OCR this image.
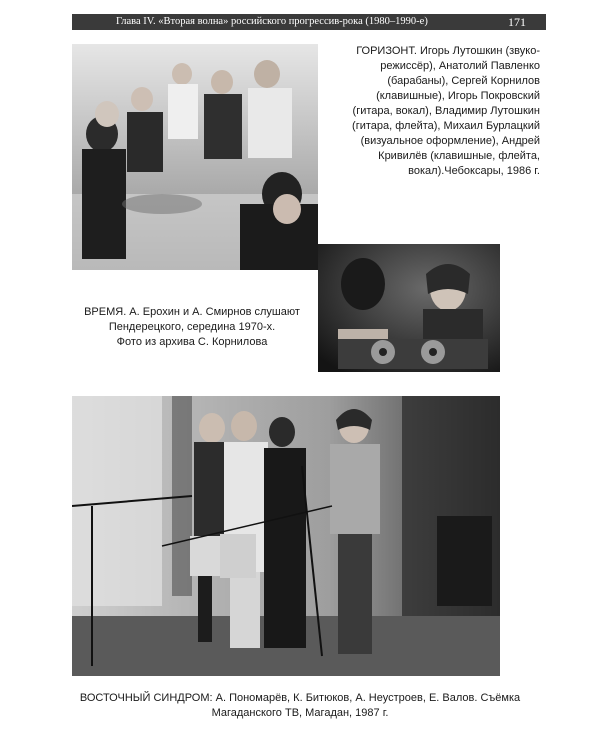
Глава IV. «Вторая волна» российского прогрессив-рока (1980–1990-е)	171
ГОРИЗОНТ. Игорь Лутошкин (звуко-
режиссёр), Анатолий Павленко
(барабаны), Сергей Корнилов
(клавишные), Игорь Покровский
(гитара, вокал), Владимир Лутошкин
(гитара, флейта), Михаил Бурлацкий
(визуальное оформление), Андрей
Кривилёв (клавишные, флейта,
вокал).Чебоксары, 1986 г.
ВРЕМЯ. А. Ерохин и А. Смирнов слушают
Пендерецкого, середина 1970-х.
Фото из архива С. Корнилова
ВОСТОЧНЫЙ СИНДРОМ: А. Пономарёв, К. Битюков, А. Неустроев, Е. Валов. Съёмка
Магаданского ТВ, Магадан, 1987 г.
